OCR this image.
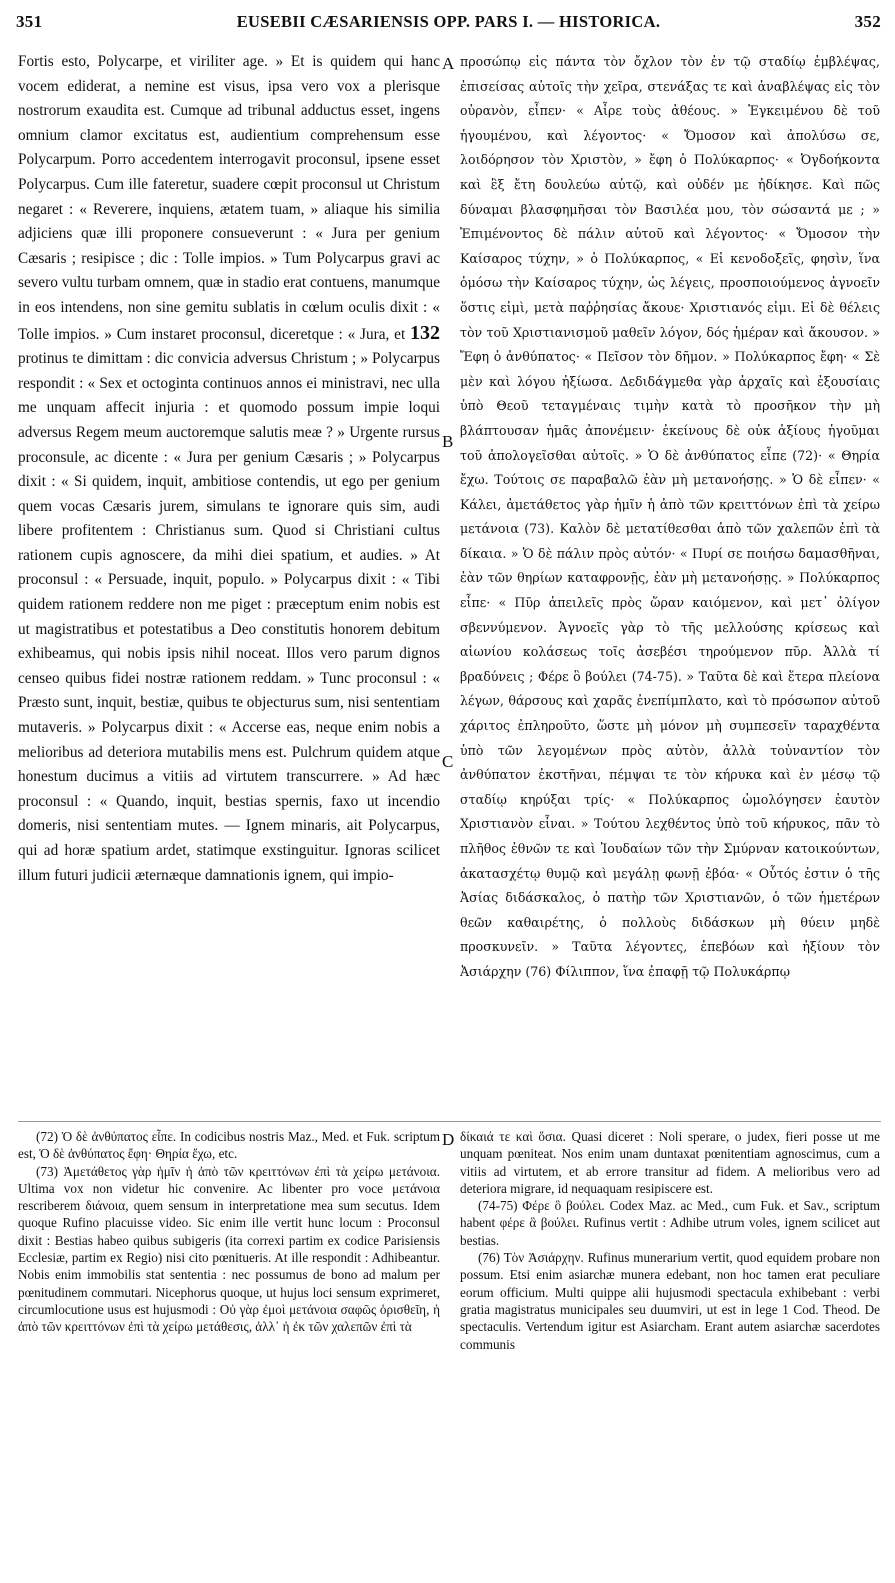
351	EUSEBII CÆSARIENSIS OPP. PARS I. — HISTORICA.	352
Fortis esto, Polycarpe, et viriliter age. » Et is quidem qui hanc vocem ediderat, a nemine est visus, ipsa vero vox a plerisque nostrorum exaudita est. Cumque ad tribunal adductus esset, ingens omnium clamor excitatus est, audientium comprehensum esse Polycarpum. Porro accedentem interrogavit proconsul, ipsene esset Polycarpus. Cum ille fateretur, suadere cœpit proconsul ut Christum negaret : « Reverere, inquiens, ætatem tuam, » aliaque his similia adjiciens quæ illi proponere consueverunt : « Jura per genium Cæsaris ; resipisce ; dic : Tolle impios. » Tum Polycarpus gravi ac severo vultu turbam omnem, quæ in stadio erat contuens, manumque in eos intendens, non sine gemitu sublatis in cœlum oculis dixit : « Tolle impios. » Cum instaret proconsul, diceretque : « Jura, et 132 protinus te dimittam : dic convicia adversus Christum ; » Polycarpus respondit : « Sex et octoginta continuos annos ei ministravi, nec ulla me unquam affecit injuria : et quomodo possum impie loqui adversus Regem meum auctoremque salutis meæ ? » Urgente rursus proconsule, ac dicente : « Jura per genium Cæsaris ; » Polycarpus dixit : « Si quidem, inquit, ambitiose contendis, ut ego per genium quem vocas Cæsaris jurem, simulans te ignorare quis sim, audi libere profitentem : Christianus sum. Quod si Christiani cultus rationem cupis agnoscere, da mihi diei spatium, et audies. » At proconsul : « Persuade, inquit, populo. » Polycarpus dixit : « Tibi quidem rationem reddere non me piget : præceptum enim nobis est ut magistratibus et potestatibus a Deo constitutis honorem debitum exhibeamus, qui nobis ipsis nihil noceat. Illos vero parum dignos censeo quibus fidei nostræ rationem reddam. » Tunc proconsul : « Præsto sunt, inquit, bestiæ, quibus te objecturus sum, nisi sententiam mutaveris. » Polycarpus dixit : « Accerse eas, neque enim nobis a melioribus ad deteriora mutabilis mens est. Pulchrum quidem atque honestum ducimus a vitiis ad virtutem transcurrere. » Ad hæc proconsul : « Quando, inquit, bestias spernis, faxo ut incendio domeris, nisi sententiam mutes. — Ignem minaris, ait Polycarpus, qui ad horæ spatium ardet, statimque exstinguitur. Ignoras scilicet illum futuri judicii æternæque damnationis ignem, qui impio-
A
B
C
D
προσώπῳ εἰς πάντα τὸν ὄχλον τὸν ἐν τῷ σταδίῳ ἐμβλέψας, ἐπισείσας αὐτοῖς τὴν χεῖρα, στενάξας τε καὶ ἀναβλέψας εἰς τὸν οὐρανὸν, εἶπεν· « Αἶρε τοὺς ἀθέους. » Ἐγκειμένου δὲ τοῦ ἡγουμένου, καὶ λέγοντος· « Ὄμοσον καὶ ἀπολύσω σε, λοιδόρησον τὸν Χριστὸν, » ἔφη ὁ Πολύκαρπος· « Ὀγδοήκοντα καὶ ἓξ ἔτη δουλεύω αὐτῷ, καὶ οὐδέν με ἠδίκησε. Καὶ πῶς δύναμαι βλασφημῆσαι τὸν Βασιλέα μου, τὸν σώσαντά με ; » Ἐπιμένοντος δὲ πάλιν αὐτοῦ καὶ λέγοντος· « Ὄμοσον τὴν Καίσαρος τύχην, » ὁ Πολύκαρπος, « Εἰ κενοδοξεῖς, φησὶν, ἵνα ὀμόσω τὴν Καίσαρος τύχην, ὡς λέγεις, προσποιούμενος ἀγνοεῖν ὅστις εἰμὶ, μετὰ παῤῥησίας ἄκουε· Χριστιανός εἰμι. Εἰ δὲ θέλεις τὸν τοῦ Χριστιανισμοῦ μαθεῖν λόγον, δός ἡμέραν καὶ ἄκουσον. » Ἔφη ὁ ἀνθύπατος· « Πεῖσον τὸν δῆμον. » Πολύκαρπος ἔφη· « Σὲ μὲν καὶ λόγου ἠξίωσα. Δεδιδάγμεθα γὰρ ἀρχαῖς καὶ ἐξουσίαις ὑπὸ Θεοῦ τεταγμέναις τιμὴν κατὰ τὸ προσῆκον τὴν μὴ βλάπτουσαν ἡμᾶς ἀπονέμειν· ἐκείνους δὲ οὐκ ἀξίους ἡγοῦμαι τοῦ ἀπολογεῖσθαι αὐτοῖς. » Ὁ δὲ ἀνθύπατος εἶπε (72)· « Θηρία ἔχω. Τούτοις σε παραβαλῶ ἐὰν μὴ μετανοήσῃς. » Ὁ δὲ εἶπεν· « Κάλει, ἀμετάθετος γὰρ ἡμῖν ἡ ἀπὸ τῶν κρειττόνων ἐπὶ τὰ χείρω μετάνοια (73). Καλὸν δὲ μετατίθεσθαι ἀπὸ τῶν χαλεπῶν ἐπὶ τὰ δίκαια. » Ὁ δὲ πάλιν πρὸς αὐτόν· « Πυρί σε ποιήσω δαμασθῆναι, ἐὰν τῶν θηρίων καταφρονῇς, ἐὰν μὴ μετανοήσῃς. » Πολύκαρπος εἶπε· « Πῦρ ἀπειλεῖς πρὸς ὥραν καιόμενον, καὶ μετ᾽ ὀλίγον σβεννύμενον. Ἀγνοεῖς γὰρ τὸ τῆς μελλούσης κρίσεως καὶ αἰωνίου κολάσεως τοῖς ἀσεβέσι τηρούμενον πῦρ. Ἀλλὰ τί βραδύνεις ; Φέρε ὃ βούλει (74-75). » Ταῦτα δὲ καὶ ἕτερα πλείονα λέγων, θάρσους καὶ χαρᾶς ἐνεπίμπλατο, καὶ τὸ πρόσωπον αὐτοῦ χάριτος ἐπληροῦτο, ὥστε μὴ μόνον μὴ συμπεσεῖν ταραχθέντα ὑπὸ τῶν λεγομένων πρὸς αὐτὸν, ἀλλὰ τοὐναντίον τὸν ἀνθύπατον ἐκστῆναι, πέμψαι τε τὸν κήρυκα καὶ ἐν μέσῳ τῷ σταδίῳ κηρύξαι τρίς· « Πολύκαρπος ὡμολόγησεν ἑαυτὸν Χριστιανὸν εἶναι. » Τούτου λεχθέντος ὑπὸ τοῦ κήρυκος, πᾶν τὸ πλῆθος ἐθνῶν τε καὶ Ἰουδαίων τῶν τὴν Σμύρναν κατοικούντων, ἀκατασχέτῳ θυμῷ καὶ μεγάλῃ φωνῇ ἐβόα· « Οὗτός ἐστιν ὁ τῆς Ἀσίας διδάσκαλος, ὁ πατὴρ τῶν Χριστιανῶν, ὁ τῶν ἡμετέρων θεῶν καθαιρέτης, ὁ πολλοὺς διδάσκων μὴ θύειν μηδὲ προσκυνεῖν. » Ταῦτα λέγοντες, ἐπεβόων καὶ ἠξίουν τὸν Ἀσιάρχην (76) Φίλιππον, ἵνα ἐπαφῇ τῷ Πολυκάρπῳ

(72) Ὁ δὲ ἀνθύπατος εἶπε. In codicibus nostris Maz., Med. et Fuk. scriptum est, Ὁ δὲ ἀνθύπατος ἔφη· Θηρία ἔχω, etc.

(73) Ἀμετάθετος γὰρ ἡμῖν ἡ ἀπὸ τῶν κρειττόνων ἐπὶ τὰ χείρω μετάνοια. Ultima vox non videtur hic convenire. Ac libenter pro voce μετάνοια rescriberem διάνοια, quem sensum in interpretatione mea sum secutus. Idem quoque Rufino placuisse video. Sic enim ille vertit hunc locum : Proconsul dixit : Bestias habeo quibus subigeris (ita correxi partim ex codice Parisiensis Ecclesiæ, partim ex Regio) nisi cito pœnitueris. At ille respondit : Adhibeantur. Nobis enim immobilis stat sententia : nec possumus de bono ad malum per pœnitudinem commutari. Nicephorus quoque, ut hujus loci sensum exprimeret, circumlocutione usus est hujusmodi : Οὐ γὰρ ἐμοὶ μετάνοια σαφῶς ὁρισθεῖη, ἡ ἀπὸ τῶν κρειττόνων ἐπὶ τὰ χείρω μετάθεσις, ἀλλ᾽ ἡ ἐκ τῶν χαλεπῶν ἐπὶ τὰ

δίκαιά τε καὶ ὅσια. Quasi diceret : Noli sperare, o judex, fieri posse ut me unquam pœniteat. Nos enim unam duntaxat pœnitentiam agnoscimus, cum a vitiis ad virtutem, et ab errore transitur ad fidem. A melioribus vero ad deteriora migrare, id nequaquam resipiscere est.

(74-75) Φέρε ὃ βούλει. Codex Maz. ac Med., cum Fuk. et Sav., scriptum habent φέρε ἃ βούλει. Rufinus vertit : Adhibe utrum voles, ignem scilicet aut bestias.

(76) Τὸν Ἀσιάρχην. Rufinus munerarium vertit, quod equidem probare non possum. Etsi enim asiarchæ munera edebant, non hoc tamen erat peculiare eorum officium. Multi quippe alii hujusmodi spectacula exhibebant : verbi gratia magistratus municipales seu duumviri, ut est in lege 1 Cod. Theod. De spectaculis. Vertendum igitur est Asiarcham. Erant autem asiarchæ sacerdotes communis
